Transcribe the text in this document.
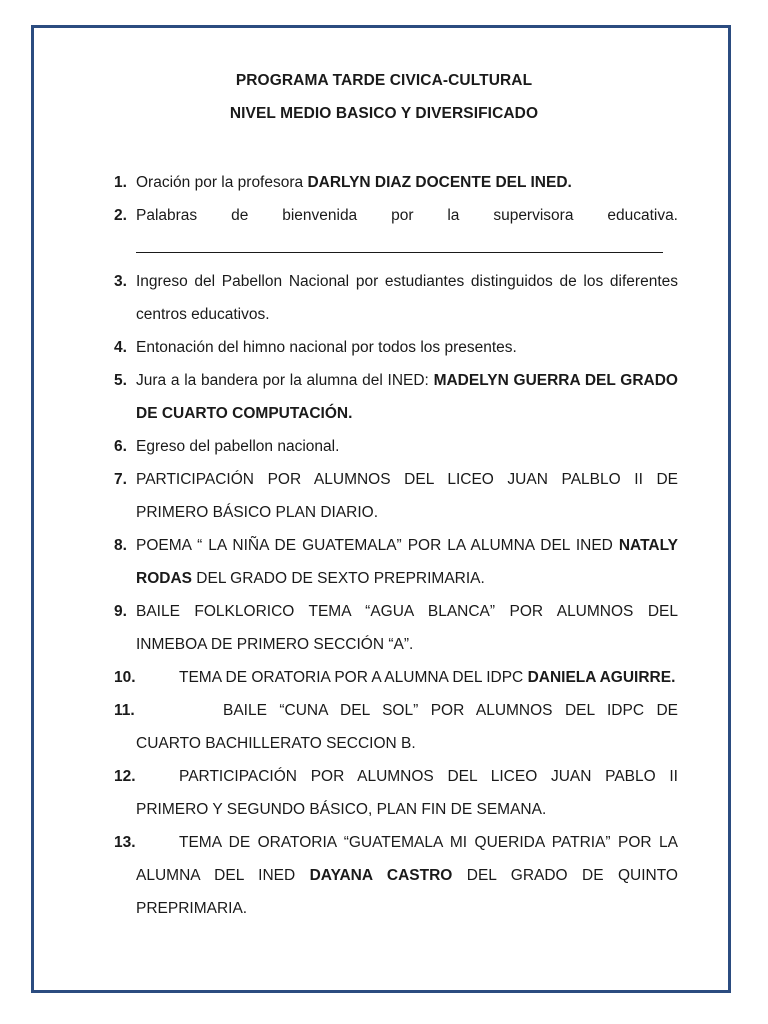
PROGRAMA TARDE CIVICA-CULTURAL
NIVEL MEDIO BASICO Y DIVERSIFICADO
1. Oración por la profesora DARLYN DIAZ DOCENTE DEL INED.
2. Palabras de bienvenida por la supervisora educativa.
3. Ingreso del Pabellon Nacional por estudiantes distinguidos de los diferentes centros educativos.
4. Entonación del himno nacional por todos los presentes.
5. Jura a la bandera por la alumna del INED: MADELYN GUERRA DEL GRADO DE CUARTO COMPUTACIÓN.
6. Egreso del pabellon nacional.
7. PARTICIPACIÓN POR ALUMNOS DEL LICEO JUAN PALBLO II DE PRIMERO BÁSICO PLAN DIARIO.
8. POEMA “ LA NIÑA DE GUATEMALA” POR LA ALUMNA DEL INED NATALY RODAS DEL GRADO DE SEXTO PREPRIMARIA.
9. BAILE FOLKLORICO TEMA “AGUA BLANCA” POR ALUMNOS DEL INMEBOA DE PRIMERO SECCIÓN “A”.
10.	TEMA DE ORATORIA POR A ALUMNA DEL IDPC DANIELA AGUIRRE.
11.	BAILE “CUNA DEL SOL” POR ALUMNOS DEL IDPC DE CUARTO BACHILLERATO SECCION B.
12.	PARTICIPACIÓN POR ALUMNOS DEL LICEO JUAN PABLO II PRIMERO Y SEGUNDO BÁSICO, PLAN FIN DE SEMANA.
13.	TEMA DE ORATORIA “GUATEMALA MI QUERIDA PATRIA” POR LA ALUMNA DEL INED DAYANA CASTRO DEL GRADO DE QUINTO PREPRIMARIA.
